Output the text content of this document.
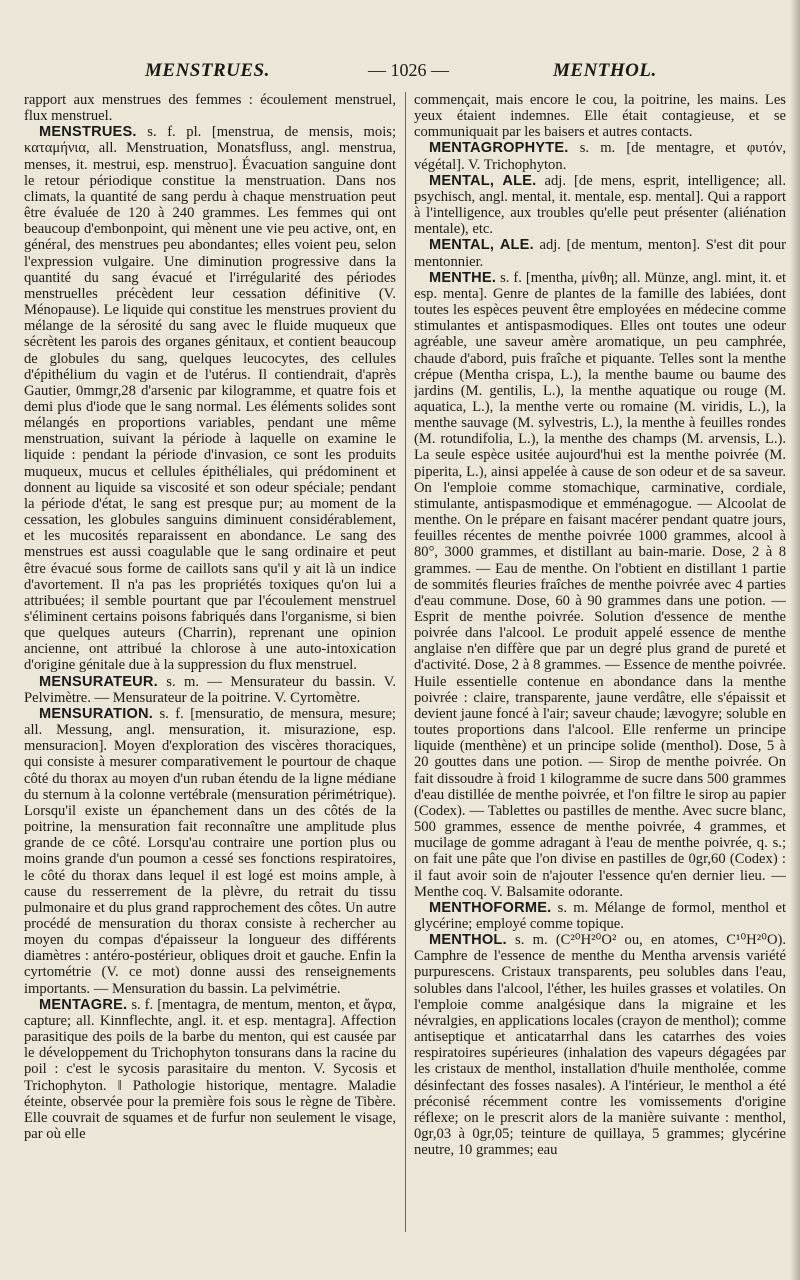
MENSTRUES.	— 1026 —	MENTHOL.

rapport aux menstrues des femmes : écoulement menstruel, flux menstruel.

MENSTRUES. s. f. pl. [menstrua, de mensis, mois; καταμήνια, all. Menstruation, Monatsfluss, angl. menstrua, menses, it. mestrui, esp. menstruo]. Évacuation sanguine dont le retour périodique constitue la menstruation. Dans nos climats, la quantité de sang perdu à chaque menstruation peut être évaluée de 120 à 240 grammes. Les femmes qui ont beaucoup d'embonpoint, qui mènent une vie peu active, ont, en général, des menstrues peu abondantes; elles voient peu, selon l'expression vulgaire. Une diminution progressive dans la quantité du sang évacué et l'irrégularité des périodes menstruelles précèdent leur cessation définitive (V. Ménopause). Le liquide qui constitue les menstrues provient du mélange de la sérosité du sang avec le fluide muqueux que sécrètent les parois des organes génitaux, et contient beaucoup de globules du sang, quelques leucocytes, des cellules d'épithélium du vagin et de l'utérus. Il contiendrait, d'après Gautier, 0mmgr,28 d'arsenic par kilogramme, et quatre fois et demi plus d'iode que le sang normal. Les éléments solides sont mélangés en proportions variables, pendant une même menstruation, suivant la période à laquelle on examine le liquide : pendant la période d'invasion, ce sont les produits muqueux, mucus et cellules épithéliales, qui prédominent et donnent au liquide sa viscosité et son odeur spéciale; pendant la période d'état, le sang est presque pur; au moment de la cessation, les globules sanguins diminuent considérablement, et les mucosités reparaissent en abondance. Le sang des menstrues est aussi coagulable que le sang ordinaire et peut être évacué sous forme de caillots sans qu'il y ait là un indice d'avortement. Il n'a pas les propriétés toxiques qu'on lui a attribuées; il semble pourtant que par l'écoulement menstruel s'éliminent certains poisons fabriqués dans l'organisme, si bien que quelques auteurs (Charrin), reprenant une opinion ancienne, ont attribué la chlorose à une auto-intoxication d'origine génitale due à la suppression du flux menstruel.

MENSURATEUR. s. m. — Mensurateur du bassin. V. Pelvimètre. — Mensurateur de la poitrine. V. Cyrtomètre.

MENSURATION. s. f. [mensuratio, de mensura, mesure; all. Messung, angl. mensuration, it. misurazione, esp. mensuracion]. Moyen d'exploration des viscères thoraciques, qui consiste à mesurer comparativement le pourtour de chaque côté du thorax au moyen d'un ruban étendu de la ligne médiane du sternum à la colonne vertébrale (mensuration périmétrique). Lorsqu'il existe un épanchement dans un des côtés de la poitrine, la mensuration fait reconnaître une amplitude plus grande de ce côté. Lorsqu'au contraire une portion plus ou moins grande d'un poumon a cessé ses fonctions respiratoires, le côté du thorax dans lequel il est logé est moins ample, à cause du resserrement de la plèvre, du retrait du tissu pulmonaire et du plus grand rapprochement des côtes. Un autre procédé de mensuration du thorax consiste à rechercher au moyen du compas d'épaisseur la longueur des différents diamètres : antéro-postérieur, obliques droit et gauche. Enfin la cyrtométrie (V. ce mot) donne aussi des renseignements importants. — Mensuration du bassin. La pelvimétrie.

MENTAGRE. s. f. [mentagra, de mentum, menton, et ἄγρα, capture; all. Kinnflechte, angl. it. et esp. mentagra]. Affection parasitique des poils de la barbe du menton, qui est causée par le développement du Trichophyton tonsurans dans la racine du poil : c'est le sycosis parasitaire du menton. V. Sycosis et Trichophyton. ‖ Pathologie historique, mentagre. Maladie éteinte, observée pour la première fois sous le règne de Tibère. Elle couvrait de squames et de furfur non seulement le visage, par où elle

commençait, mais encore le cou, la poitrine, les mains. Les yeux étaient indemnes. Elle était contagieuse, et se communiquait par les baisers et autres contacts.

MENTAGROPHYTE. s. m. [de mentagre, et φυτόν, végétal]. V. Trichophyton.

MENTAL, ALE. adj. [de mens, esprit, intelligence; all. psychisch, angl. mental, it. mentale, esp. mental]. Qui a rapport à l'intelligence, aux troubles qu'elle peut présenter (aliénation mentale), etc.

MENTAL, ALE. adj. [de mentum, menton]. S'est dit pour mentonnier.

MENTHE. s. f. [mentha, μίνθη; all. Münze, angl. mint, it. et esp. menta]. Genre de plantes de la famille des labiées, dont toutes les espèces peuvent être employées en médecine comme stimulantes et antispasmodiques. Elles ont toutes une odeur agréable, une saveur amère aromatique, un peu camphrée, chaude d'abord, puis fraîche et piquante. Telles sont la menthe crépue (Mentha crispa, L.), la menthe baume ou baume des jardins (M. gentilis, L.), la menthe aquatique ou rouge (M. aquatica, L.), la menthe verte ou romaine (M. viridis, L.), la menthe sauvage (M. sylvestris, L.), la menthe à feuilles rondes (M. rotundifolia, L.), la menthe des champs (M. arvensis, L.). La seule espèce usitée aujourd'hui est la menthe poivrée (M. piperita, L.), ainsi appelée à cause de son odeur et de sa saveur. On l'emploie comme stomachique, carminative, cordiale, stimulante, antispasmodique et emménagogue. — Alcoolat de menthe. On le prépare en faisant macérer pendant quatre jours, feuilles récentes de menthe poivrée 1000 grammes, alcool à 80°, 3000 grammes, et distillant au bain-marie. Dose, 2 à 8 grammes. — Eau de menthe. On l'obtient en distillant 1 partie de sommités fleuries fraîches de menthe poivrée avec 4 parties d'eau commune. Dose, 60 à 90 grammes dans une potion. — Esprit de menthe poivrée. Solution d'essence de menthe poivrée dans l'alcool. Le produit appelé essence de menthe anglaise n'en diffère que par un degré plus grand de pureté et d'activité. Dose, 2 à 8 grammes. — Essence de menthe poivrée. Huile essentielle contenue en abondance dans la menthe poivrée : claire, transparente, jaune verdâtre, elle s'épaissit et devient jaune foncé à l'air; saveur chaude; lævogyre; soluble en toutes proportions dans l'alcool. Elle renferme un principe liquide (menthène) et un principe solide (menthol). Dose, 5 à 20 gouttes dans une potion. — Sirop de menthe poivrée. On fait dissoudre à froid 1 kilogramme de sucre dans 500 grammes d'eau distillée de menthe poivrée, et l'on filtre le sirop au papier (Codex). — Tablettes ou pastilles de menthe. Avec sucre blanc, 500 grammes, essence de menthe poivrée, 4 grammes, et mucilage de gomme adragant à l'eau de menthe poivrée, q. s.; on fait une pâte que l'on divise en pastilles de 0gr,60 (Codex) : il faut avoir soin de n'ajouter l'essence qu'en dernier lieu. — Menthe coq. V. Balsamite odorante.

MENTHOFORME. s. m. Mélange de formol, menthol et glycérine; employé comme topique.

MENTHOL. s. m. (C²⁰H²⁰O² ou, en atomes, C¹⁰H²⁰O). Camphre de l'essence de menthe du Mentha arvensis variété purpurescens. Cristaux transparents, peu solubles dans l'eau, solubles dans l'alcool, l'éther, les huiles grasses et volatiles. On l'emploie comme analgésique dans la migraine et les névralgies, en applications locales (crayon de menthol); comme antiseptique et anticatarrhal dans les catarrhes des voies respiratoires supérieures (inhalation des vapeurs dégagées par les cristaux de menthol, installation d'huile mentholée, comme désinfectant des fosses nasales). A l'intérieur, le menthol a été préconisé récemment contre les vomissements d'origine réflexe; on le prescrit alors de la manière suivante : menthol, 0gr,03 à 0gr,05; teinture de quillaya, 5 grammes; glycérine neutre, 10 grammes; eau
